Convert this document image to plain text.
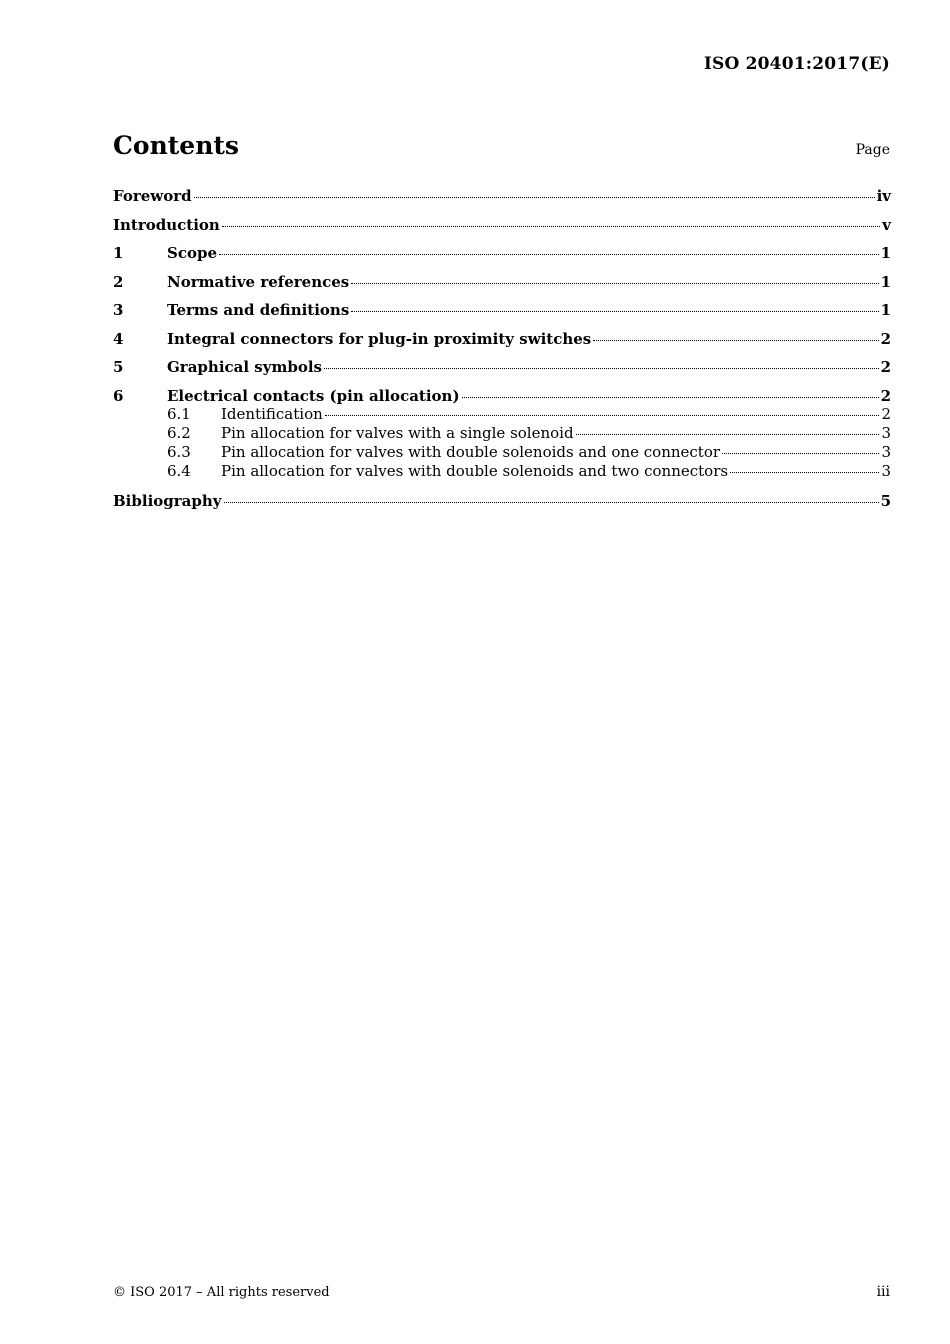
ISO 20401:2017(E)
Contents	Page
Foreword	iv
Introduction	v
1	Scope	1
2	Normative references	1
3	Terms and definitions	1
4	Integral connectors for plug-in proximity switches	2
5	Graphical symbols	2
6	Electrical contacts (pin allocation)	2
6.1	Identification	2
6.2	Pin allocation for valves with a single solenoid	3
6.3	Pin allocation for valves with double solenoids and one connector	3
6.4	Pin allocation for valves with double solenoids and two connectors	3
Bibliography	5
© ISO 2017 – All rights reserved	iii
